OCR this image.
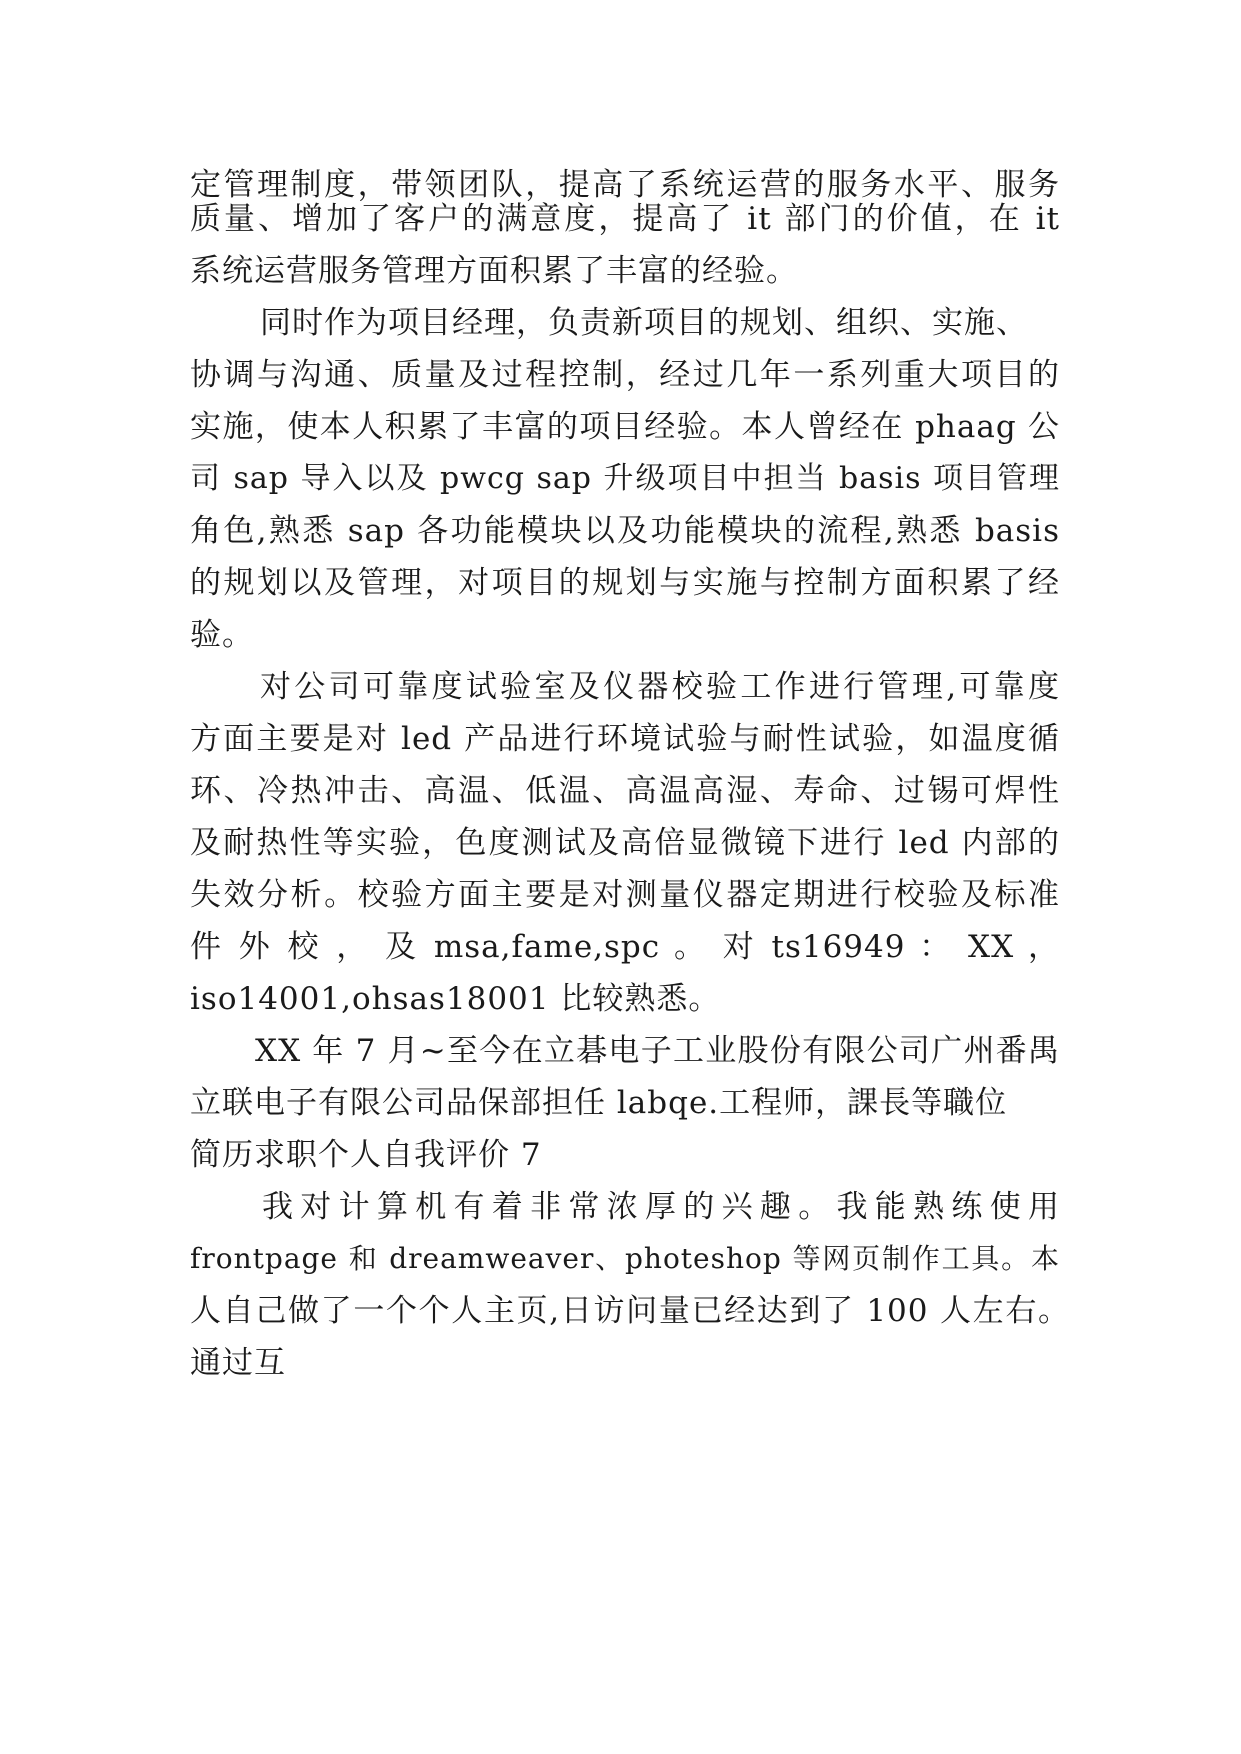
定管理制度，带领团队，提高了系统运营的服务水平、服务
质量、增加了客户的满意度，提高了 it 部门的价值，在 it
系统运营服务管理方面积累了丰富的经验。
同时作为项目经理，负责新项目的规划、组织、实施、
协调与沟通、质量及过程控制，经过几年一系列重大项目的
实施，使本人积累了丰富的项目经验。本人曾经在 phaag 公
司 sap 导入以及 pwcg sap 升级项目中担当 basis 项目管理
角色,熟悉 sap 各功能模块以及功能模块的流程,熟悉 basis
的规划以及管理，对项目的规划与实施与控制方面积累了经
验。
对公司可靠度试验室及仪器校验工作进行管理,可靠度
方面主要是对 led 产品进行环境试验与耐性试验，如温度循
环、冷热冲击、高温、低温、高温高湿、寿命、过锡可焊性
及耐热性等实验，色度测试及高倍显微镜下进行 led 内部的
失效分析。校验方面主要是对测量仪器定期进行校验及标准
件 外 校 ， 及 msa,fame,spc 。 对 ts16949 ： XX ，
iso14001,ohsas18001 比较熟悉。
XX 年 7 月~至今在立碁电子工业股份有限公司广州番禺
立联电子有限公司品保部担任 labqe.工程师，課長等職位
简历求职个人自我评价 7
我对计算机有着非常浓厚的兴趣。我能熟练使用
frontpage 和 dreamweaver、photeshop 等网页制作工具。本
人自己做了一个个人主页,日访问量已经达到了 100 人左右。
通过互
